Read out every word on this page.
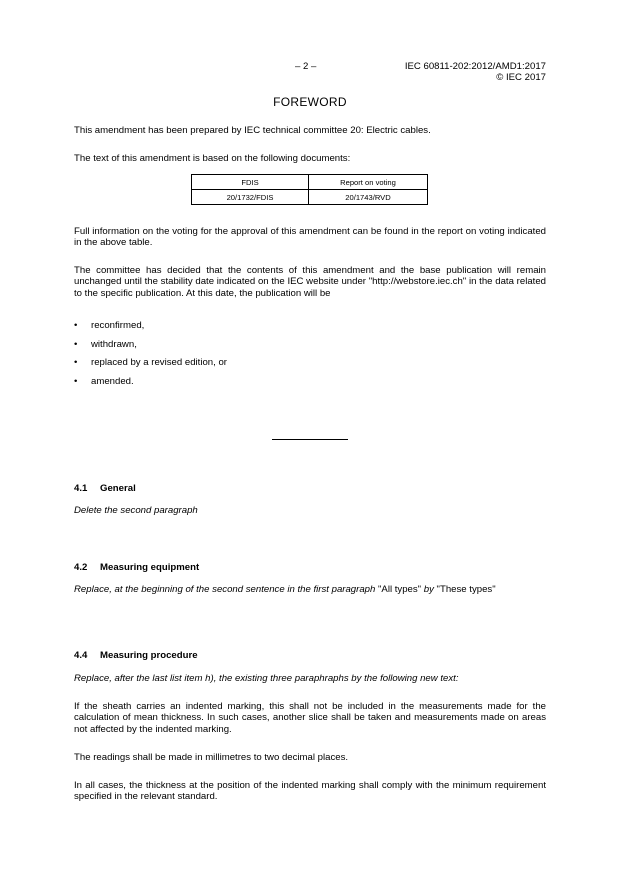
– 2 –	IEC 60811-202:2012/AMD1:2017
© IEC 2017
FOREWORD
This amendment has been prepared by IEC technical committee 20: Electric cables.
The text of this amendment is based on the following documents:
FDIS	Report on voting
20/1732/FDIS	20/1743/RVD
Full information on the voting for the approval of this amendment can be found in the report on voting indicated in the above table.
The committee has decided that the contents of this amendment and the base publication will remain unchanged until the stability date indicated on the IEC website under "http://webstore.iec.ch" in the data related to the specific publication. At this date, the publication will be
• reconfirmed,
• withdrawn,
• replaced by a revised edition, or
• amended.
4.1 General
Delete the second paragraph
4.2 Measuring equipment
Replace, at the beginning of the second sentence in the first paragraph "All types" by "These types"
4.4 Measuring procedure
Replace, after the last list item h), the existing three paraphraphs by the following new text:
If the sheath carries an indented marking, this shall not be included in the measurements made for the calculation of mean thickness. In such cases, another slice shall be taken and measurements made on areas not affected by the indented marking.
The readings shall be made in millimetres to two decimal places.
In all cases, the thickness at the position of the indented marking shall comply with the minimum requirement specified in the relevant standard.
